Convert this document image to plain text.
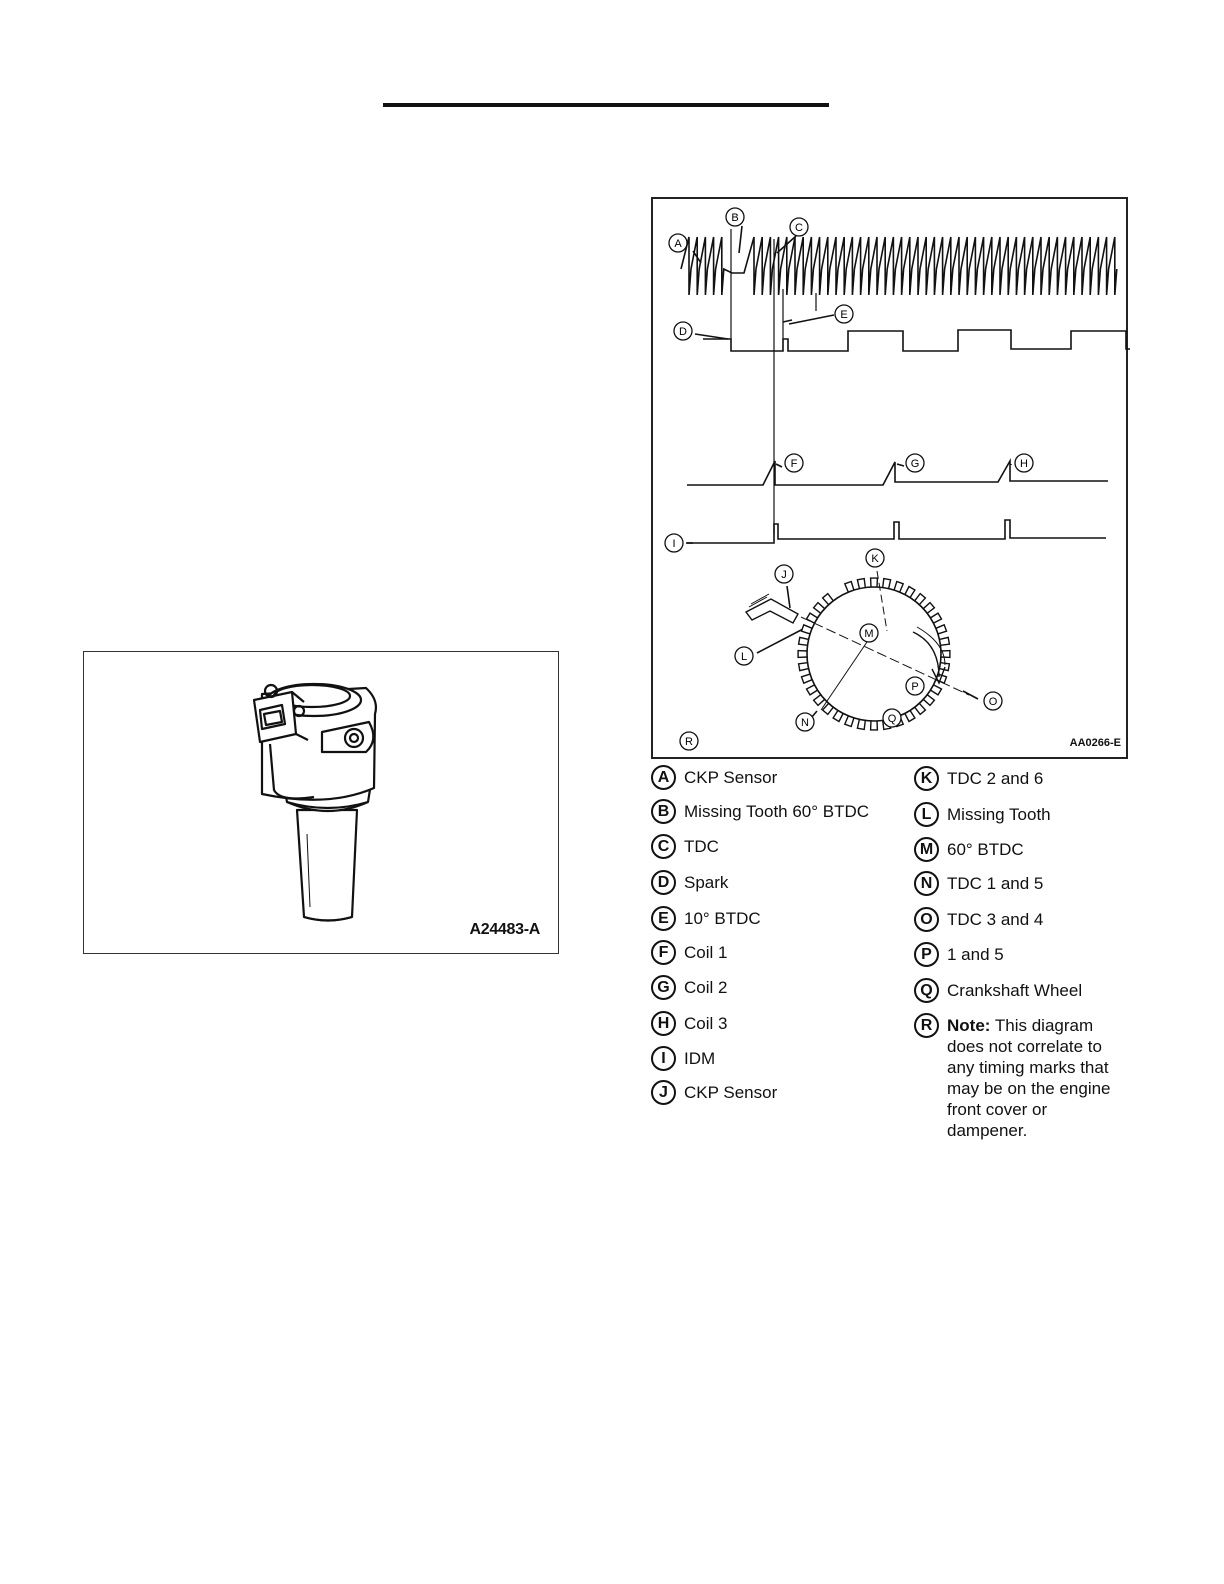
A24483-A
A
B
C
D
E
F	G	H
I
J
K
L
M
N
O
P
Q
R	AA0266-E
A CKP Sensor
B Missing Tooth 60° BTDC
C TDC
D Spark
E 10° BTDC
F Coil 1
G Coil 2
H Coil 3
I	IDM
J CKP Sensor
K TDC 2 and 6
L Missing Tooth
M 60° BTDC
N TDC 1 and 5
O TDC 3 and 4
P 1 and 5
Q Crankshaft Wheel
R Note: This diagram does not correlate to any timing marks that may be on the engine front cover or dampener.
